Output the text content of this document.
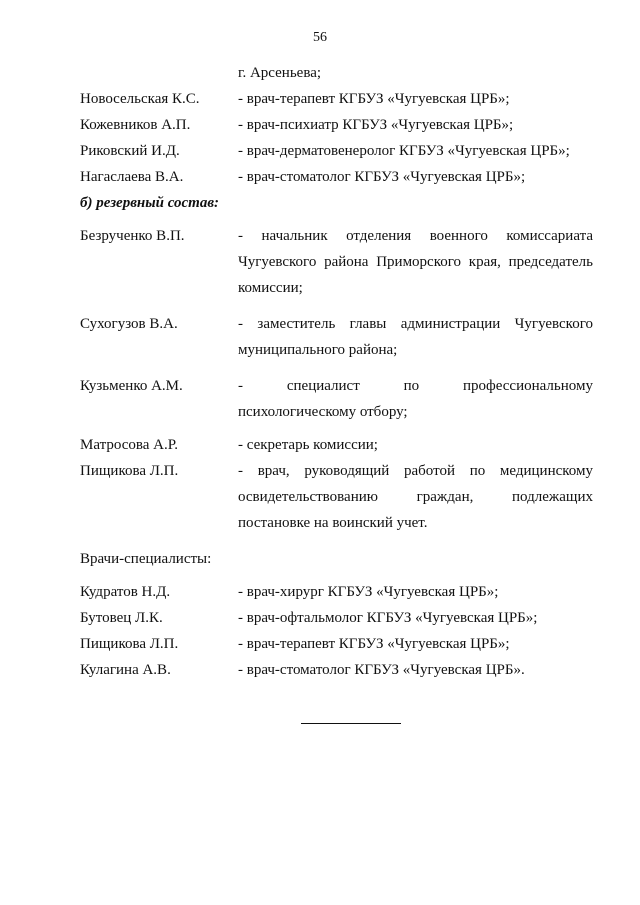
56
г. Арсеньева;
Новосельская К.С.	- врач-терапевт КГБУЗ «Чугуевская ЦРБ»;
Кожевников А.П.	- врач-психиатр КГБУЗ «Чугуевская ЦРБ»;
Риковский И.Д.	- врач-дерматовенеролог КГБУЗ «Чугуевская ЦРБ»;
Нагаслаева В.А.	- врач-стоматолог КГБУЗ «Чугуевская ЦРБ»;
б) резервный состав:
Безрученко В.П.	- начальник отделения военного комиссариата

Чугуевского района Приморского края, председатель

комиссии;

Сухогузов В.А.	- заместитель главы администрации Чугуевского

муниципального района;

Кузьменко А.М.	- специалист по профессиональному

психологическому отбору;

Матросова А.Р.	- секретарь комиссии;
Пищикова Л.П.	- врач, руководящий работой по медицинскому

освидетельствованию граждан, подлежащих

постановке на воинский учет.

Врачи-специалисты:
Кудратов Н.Д.	- врач-хирург КГБУЗ «Чугуевская ЦРБ»;
Бутовец Л.К.	- врач-офтальмолог КГБУЗ «Чугуевская ЦРБ»;
Пищикова Л.П.	- врач-терапевт КГБУЗ «Чугуевская ЦРБ»;
Кулагина А.В.	- врач-стоматолог КГБУЗ «Чугуевская ЦРБ».
